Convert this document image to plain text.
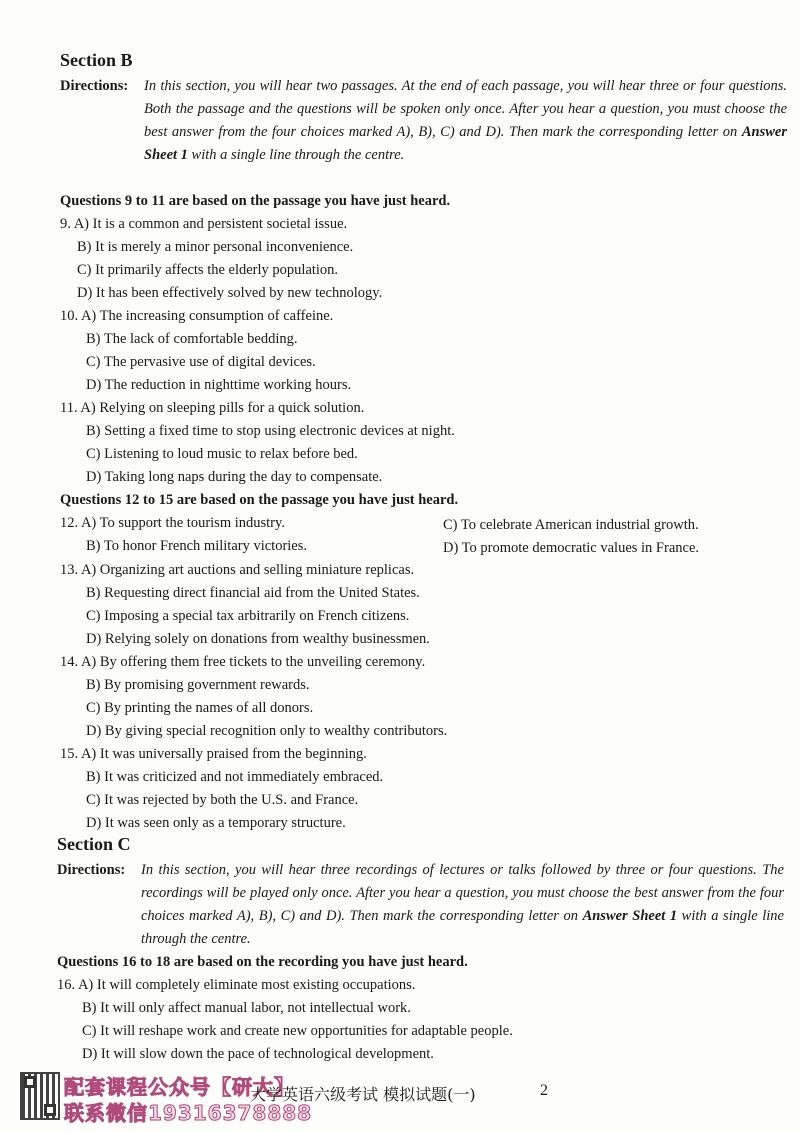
Section B
Directions: In this section, you will hear two passages. At the end of each passage, you will hear three or four questions. Both the passage and the questions will be spoken only once. After you hear a question, you must choose the best answer from the four choices marked A), B), C) and D). Then mark the corresponding letter on Answer Sheet 1 with a single line through the centre.
Questions 9 to 11 are based on the passage you have just heard.
9. A) It is a common and persistent societal issue.
B) It is merely a minor personal inconvenience.
C) It primarily affects the elderly population.
D) It has been effectively solved by new technology.
10. A) The increasing consumption of caffeine.
B) The lack of comfortable bedding.
C) The pervasive use of digital devices.
D) The reduction in nighttime working hours.
11. A) Relying on sleeping pills for a quick solution.
B) Setting a fixed time to stop using electronic devices at night.
C) Listening to loud music to relax before bed.
D) Taking long naps during the day to compensate.
Questions 12 to 15 are based on the passage you have just heard.
12. A) To support the tourism industry.	C) To celebrate American industrial growth.
B) To honor French military victories.	D) To promote democratic values in France.
13. A) Organizing art auctions and selling miniature replicas.
B) Requesting direct financial aid from the United States.
C) Imposing a special tax arbitrarily on French citizens.
D) Relying solely on donations from wealthy businessmen.
14. A) By offering them free tickets to the unveiling ceremony.
B) By promising government rewards.
C) By printing the names of all donors.
D) By giving special recognition only to wealthy contributors.
15. A) It was universally praised from the beginning.
B) It was criticized and not immediately embraced.
C) It was rejected by both the U.S. and France.
D) It was seen only as a temporary structure.
Section C
Directions: In this section, you will hear three recordings of lectures or talks followed by three or four questions. The recordings will be played only once. After you hear a question, you must choose the best answer from the four choices marked A), B), C) and D). Then mark the corresponding letter on Answer Sheet 1 with a single line through the centre.
Questions 16 to 18 are based on the recording you have just heard.
16. A) It will completely eliminate most existing occupations.
B) It will only affect manual labor, not intellectual work.
C) It will reshape work and create new opportunities for adaptable people.
D) It will slow down the pace of technological development.
配套课程公众号【研大】
联系微信19316378888
大学英语六级考试 模拟试题(一)	2
